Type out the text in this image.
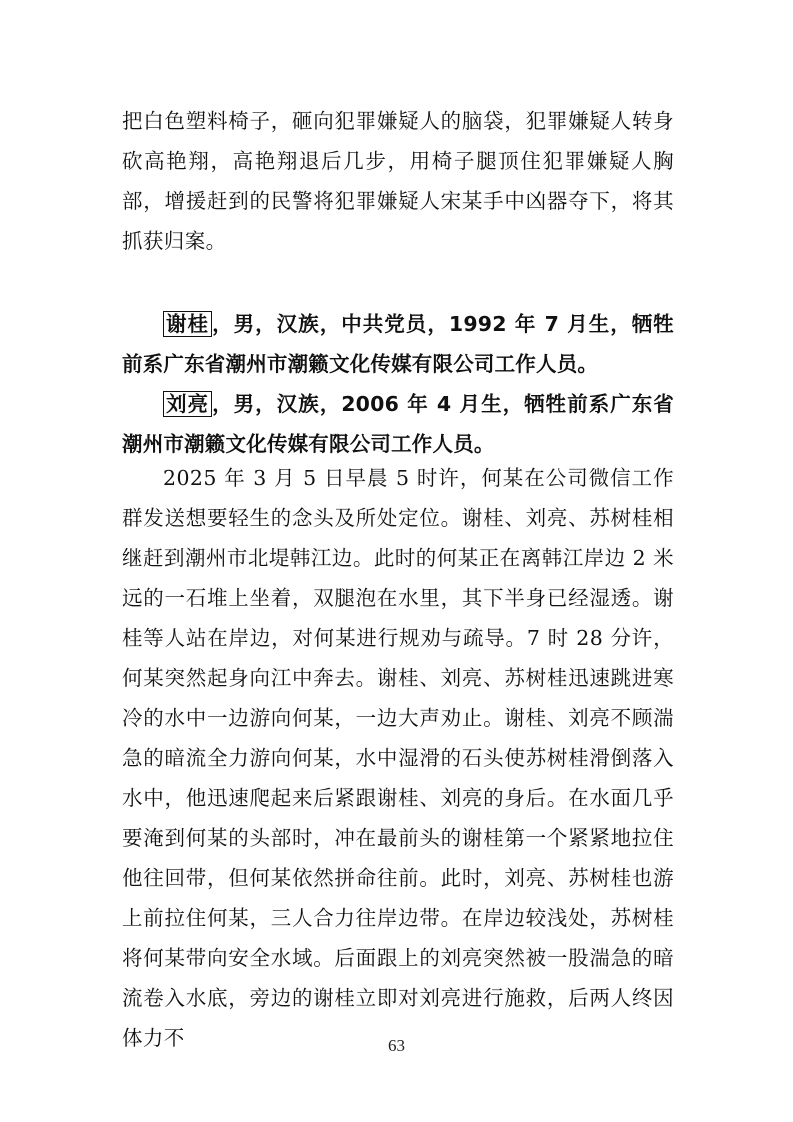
把白色塑料椅子，砸向犯罪嫌疑人的脑袋，犯罪嫌疑人转身砍高艳翔，高艳翔退后几步，用椅子腿顶住犯罪嫌疑人胸部，增援赶到的民警将犯罪嫌疑人宋某手中凶器夺下，将其抓获归案。

谢桂 ，男，汉族，中共党员，1992 年 7 月生，牺牲前系广东省潮州市潮籁文化传媒有限公司工作人员。

刘亮 ，男，汉族，2006 年 4 月生，牺牲前系广东省潮州市潮籁文化传媒有限公司工作人员。

2025 年 3 月 5 日早晨 5 时许，何某在公司微信工作群发送想要轻生的念头及所处定位。谢桂、刘亮、苏树桂相继赶到潮州市北堤韩江边。此时的何某正在离韩江岸边 2 米远的一石堆上坐着，双腿泡在水里，其下半身已经湿透。谢桂等人站在岸边，对何某进行规劝与疏导。7 时 28 分许，何某突然起身向江中奔去。谢桂、刘亮、苏树桂迅速跳进寒冷的水中一边游向何某，一边大声劝止。谢桂、刘亮不顾湍急的暗流全力游向何某，水中湿滑的石头使苏树桂滑倒落入水中，他迅速爬起来后紧跟谢桂、刘亮的身后。在水面几乎要淹到何某的头部时，冲在最前头的谢桂第一个紧紧地拉住他往回带，但何某依然拼命往前。此时，刘亮、苏树桂也游上前拉住何某，三人合力往岸边带。在岸边较浅处，苏树桂将何某带向安全水域。后面跟上的刘亮突然被一股湍急的暗流卷入水底，旁边的谢桂立即对刘亮进行施救，后两人终因体力不	63
